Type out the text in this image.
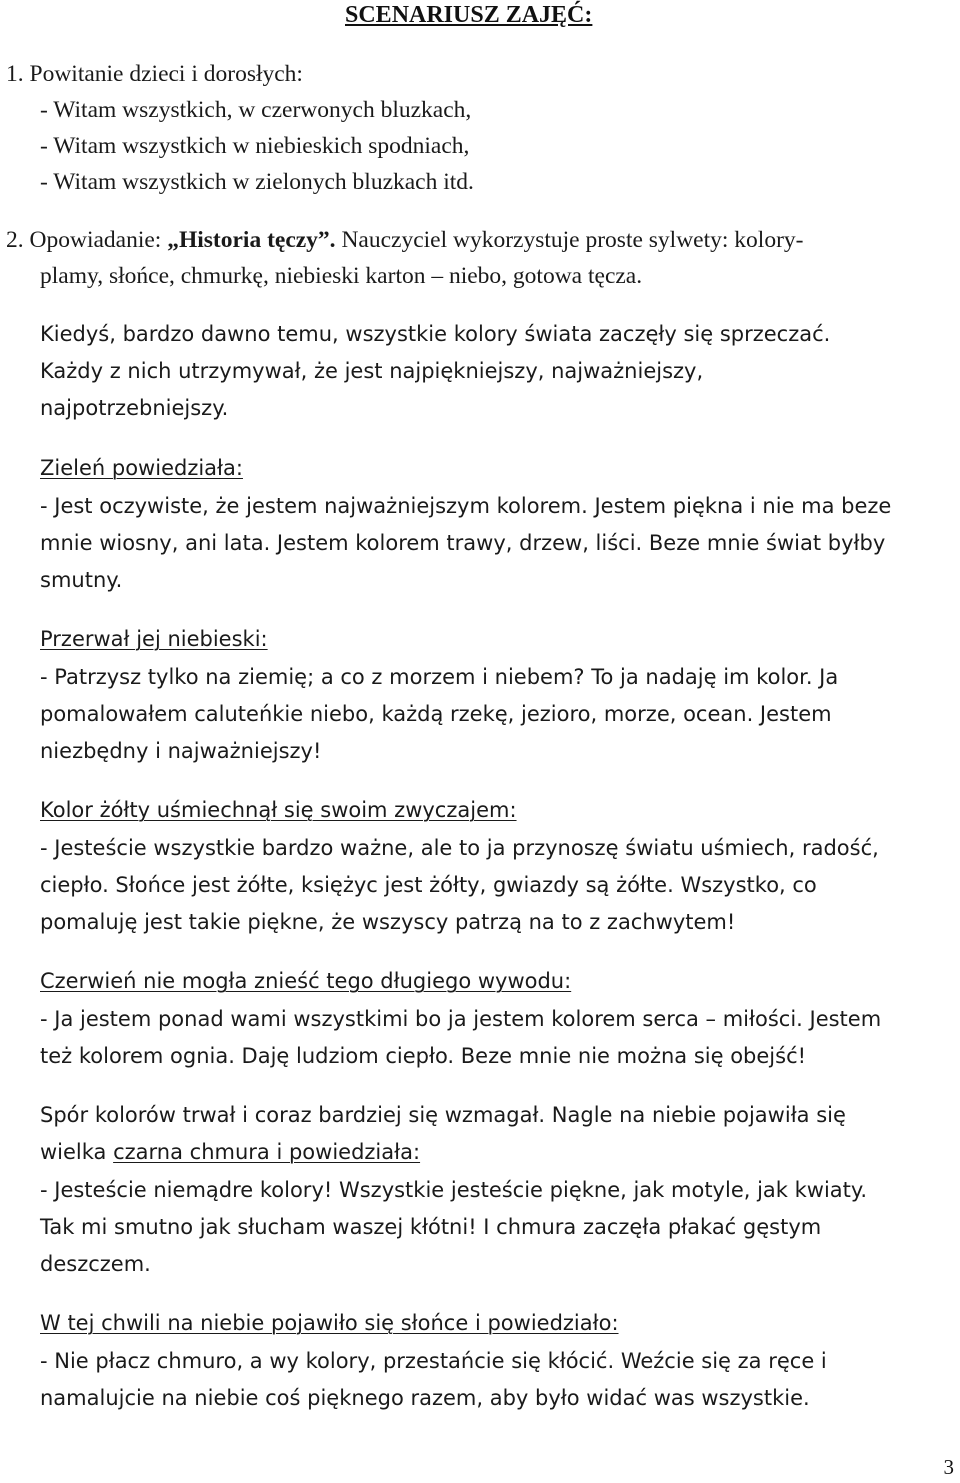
SCENARIUSZ ZAJĘĆ:
1. Powitanie dzieci i dorosłych:
- Witam wszystkich, w czerwonych bluzkach,
- Witam wszystkich w niebieskich spodniach,
- Witam wszystkich w zielonych bluzkach itd.
2. Opowiadanie: „Historia tęczy”. Nauczyciel wykorzystuje proste sylwety: kolory-
plamy, słońce, chmurkę, niebieski karton – niebo, gotowa tęcza.
Kiedyś, bardzo dawno temu, wszystkie kolory świata zaczęły się sprzeczać.
Każdy z nich utrzymywał, że jest najpiękniejszy, najważniejszy,
najpotrzebniejszy.
Zieleń powiedziała:
- Jest oczywiste, że jestem najważniejszym kolorem. Jestem piękna i nie ma beze
mnie wiosny, ani lata. Jestem kolorem trawy, drzew, liści. Beze mnie świat byłby
smutny.
Przerwał jej niebieski:
- Patrzysz tylko na ziemię; a co z morzem i niebem? To ja nadaję im kolor. Ja
pomalowałem caluteńkie niebo, każdą rzekę, jezioro, morze, ocean. Jestem
niezbędny i najważniejszy!
Kolor żółty uśmiechnął się swoim zwyczajem:
- Jesteście wszystkie bardzo ważne, ale to ja przynoszę światu uśmiech, radość,
ciepło. Słońce jest żółte, księżyc jest żółty, gwiazdy są żółte. Wszystko, co
pomaluję jest takie piękne, że wszyscy patrzą na to z zachwytem!
Czerwień nie mogła znieść tego długiego wywodu:
- Ja jestem ponad wami wszystkimi bo ja jestem kolorem serca – miłości. Jestem
też kolorem ognia. Daję ludziom ciepło. Beze mnie nie można się obejść!
Spór kolorów trwał i coraz bardziej się wzmagał. Nagle na niebie pojawiła się
wielka czarna chmura i powiedziała:
- Jesteście niemądre kolory! Wszystkie jesteście piękne, jak motyle, jak kwiaty.
Tak mi smutno jak słucham waszej kłótni! I chmura zaczęła płakać gęstym
deszczem.
W tej chwili na niebie pojawiło się słońce i powiedziało:
- Nie płacz chmuro, a wy kolory, przestańcie się kłócić. Weźcie się za ręce i
namalujcie na niebie coś pięknego razem, aby było widać was wszystkie.
3
